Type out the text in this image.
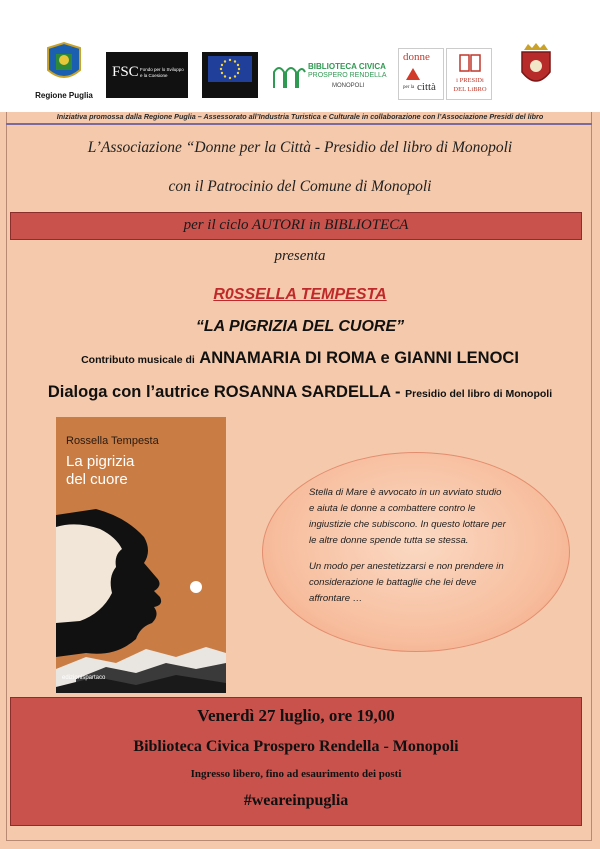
Regione Puglia
FSC Fondo per lo Sviluppo e la Coesione
BIBLIOTECA CIVICA
PROSPERO RENDELLA
MONOPOLI
donne
per la città
i PRESIDi
DEL LiBRO
Iniziativa promossa dalla Regione Puglia – Assessorato all’Industria Turistica e Culturale in collaborazione con l’Associazione Presidi del libro
L’Associazione “Donne per la Città - Presidio del libro di Monopoli
con il Patrocinio del Comune di Monopoli
per il ciclo AUTORI in BIBLIOTECA
presenta
R0SSELLA TEMPESTA
“LA PIGRIZIA DEL CUORE”
Contributo musicale di ANNAMARIA DI ROMA e GIANNI LENOCI
Dialoga con l’autrice ROSANNA SARDELLA - Presidio del libro di Monopoli
Rossella Tempesta
La pigrizia
del cuore
edizionispartaco

Stella di Mare è avvocato in un avviato studio

e aiuta le donne a combattere contro le

ingiustizie che subiscono. In questo lottare per

le altre donne spende tutta se stessa.

Un modo per anestetizzarsi e non prendere in

considerazione le battaglie che lei deve

affrontare …

Venerdì 27 luglio, ore 19,00
Biblioteca Civica Prospero Rendella - Monopoli
Ingresso libero, fino ad esaurimento dei posti
#weareinpuglia
